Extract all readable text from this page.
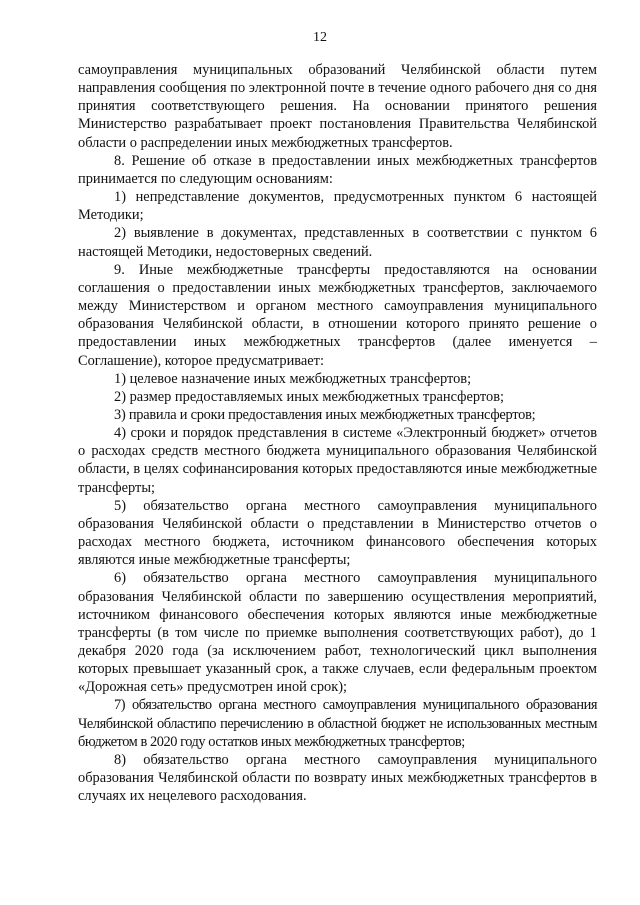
12

самоуправления муниципальных образований Челябинской области путем направления сообщения по электронной почте в течение одного рабочего дня со дня принятия соответствующего решения. На основании принятого решения Министерство разрабатывает проект постановления Правительства Челябинской области о распределении иных межбюджетных трансфертов.

8. Решение об отказе в предоставлении иных межбюджетных трансфертов принимается по следующим основаниям:

1) непредставление документов, предусмотренных пунктом 6 настоящей Методики;

2) выявление в документах, представленных в соответствии с пунктом 6 настоящей Методики, недостоверных сведений.

9. Иные межбюджетные трансферты предоставляются на основании соглашения о предоставлении иных межбюджетных трансфертов, заключаемого между Министерством и органом местного самоуправления муниципального образования Челябинской области, в отношении которого принято решение о предоставлении иных межбюджетных трансфертов (далее именуется – Соглашение), которое предусматривает:

1) целевое назначение иных межбюджетных трансфертов;

2) размер предоставляемых иных межбюджетных трансфертов;

3) правила и сроки предоставления иных межбюджетных трансфертов;

4) сроки и порядок представления в системе «Электронный бюджет» отчетов о расходах средств местного бюджета муниципального образования Челябинской области, в целях софинансирования которых предоставляются иные межбюджетные трансферты;

5) обязательство органа местного самоуправления муниципального образования Челябинской области о представлении в Министерство отчетов о расходах местного бюджета, источником финансового обеспечения которых являются иные межбюджетные трансферты;

6) обязательство органа местного самоуправления муниципального образования Челябинской области по завершению осуществления мероприятий, источником финансового обеспечения которых являются иные межбюджетные трансферты (в том числе по приемке выполнения соответствующих работ), до 1 декабря 2020 года (за исключением работ, технологический цикл выполнения которых превышает указанный срок, а также случаев, если федеральным проектом «Дорожная сеть» предусмотрен иной срок);

7) обязательство органа местного самоуправления муниципального образования Челябинской областипо перечислению в областной бюджет не использованных местным бюджетом в 2020 году остатков иных межбюджетных трансфертов;

8) обязательство органа местного самоуправления муниципального образования Челябинской области по возврату иных межбюджетных трансфертов в случаях их нецелевого расходования.
